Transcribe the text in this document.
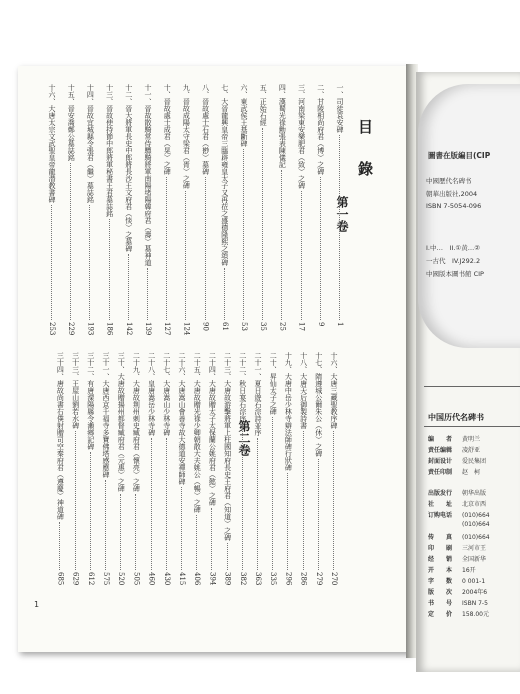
目
錄
第一卷
第二卷
一、司徒袁安碑
1
二、甘陵相尚府君（博）之碑
9
三、河南梁東安樂肥君（致）之碑
17
四、漢蜀光祿勳張表陳儀記
25
五、正始石經
35
六、東武侯王基斷碑
53
七、大晉龍興皇帝三臨辟雍皇太子又再莅之盛德隆熙之頌碑
61
八、晉故處士石君（尠）墓碑
90
九、晉故成陽太守梁君（胥）之碑
124
十、晉故處士成君（晃）之碑
127
十一、晉故散騎常侍驃騎將軍南陽堵陽韓府君（壽）墓神道
139
十二、晉大將軍長史中郎將長沙王文府君（惔）之墓碑
142
十三、晉故使持節中郎將軍秘書王君墓誌銘
186
十四、晉故宜城縣令張君（繼）墓誌銘
193
十五、晉安喬鄭公墓誌銘
229
十六、大唐太宗文武聖皇帝龍潜教書碑
253
十六、大唐三藏聖教序碑
270
十七、隋遵城公爾朱公（休）之碑
279
十八、大唐天后御製詩書
286
十九、大唐中岳少林寺辯法師碑行狀碑
296
二十、昇仙太子之碑
335
二十一、夏日遊石淙詩並序
363
二十二、秋日宴石淙序
382
二十三、大唐故游擊將軍上柱國知府長史王府君（知道）之碑
389
二十四、大唐故贈太子太保蘭公姚府君（懿）之碑
394
二十五、大唐故贈光祿少卿朝散大夫姚公（暢）之碑
406
二十六、大唐嵩山會善寺故大德道安禪師碑
415
二十七、大唐嵩山少林寺碑
430
二十八、皇唐嵩岳少林寺碑
460
二十九、大唐故荆州刺史臧府君（懷亮）之碑
505
三十、大唐故贈揚州都督臧府君（元惠）之碑
520
三十一、大唐西京千福寺多寶佛塔感應碑
575
三十二、有唐溧陽縣令瀨鄉記碑
612
三十三、王屋山劉若水碑
629
三十四、唐故尚書右僕射贈司空秦府君（遵慶）神道碑
685
1
圖書在版編目(CIP
中國歷代名碑书
朝華出版社,2004
ISBN 7-5054-096
I.中…　II.①黄…②
一古代　IV.J292.2
中國版本圖书館 CIP
中国历代名碑书
编　　者 黄明兰
责任编辑 凌舒亚
封面设计 爱民集团
责任印制 赵　柯
出版发行 朝华出版
社　　址 北京市西
订购电话 (010)664
(010)664
传　　真 (010)664
印　　刷 三河市王
经　　销 全国新华
开　　本 16开
字　　数 0 001-1
版　　次 2004年6
书　　号 ISBN 7-5
定　　价 158.00元
